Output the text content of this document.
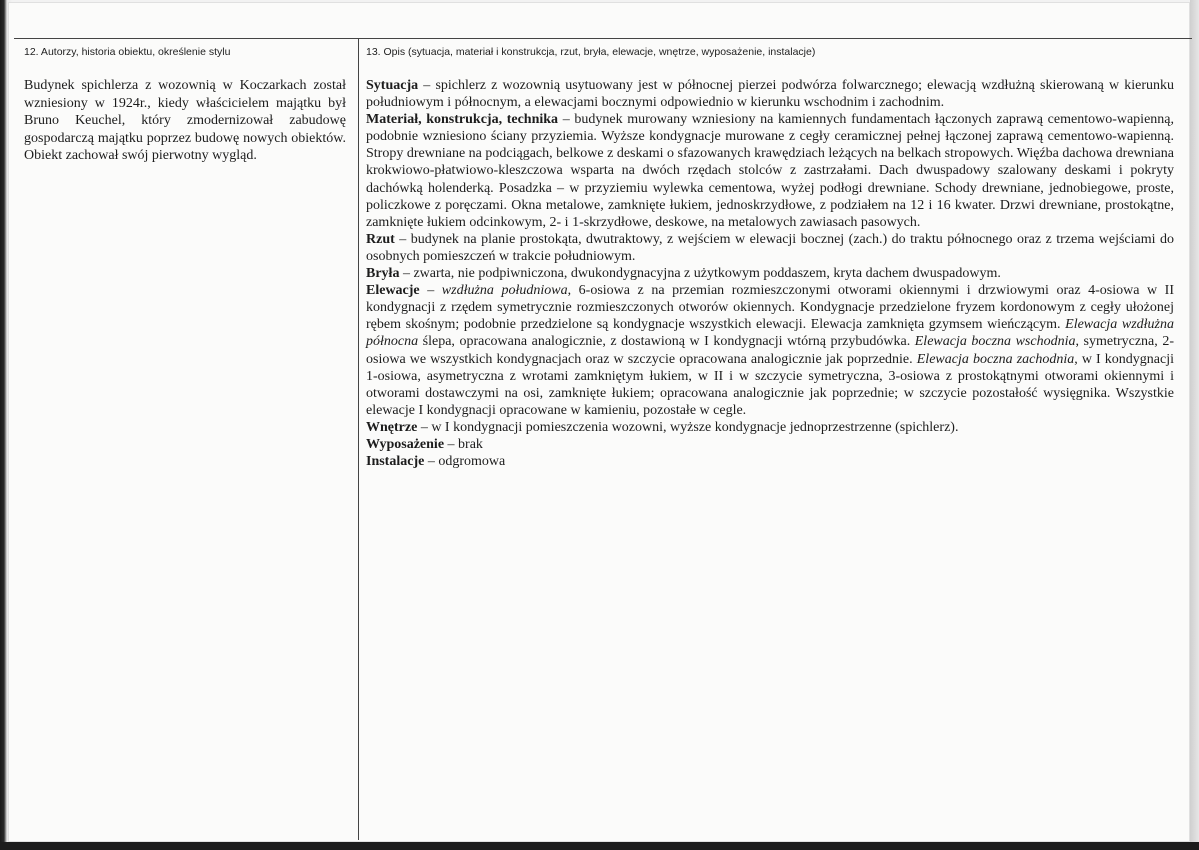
12. Autorzy, historia obiektu, określenie stylu	13. Opis (sytuacja, materiał i konstrukcja, rzut, bryła, elewacje, wnętrze, wyposażenie, instalacje)
Budynek spichlerza z wozownią w Koczarkach został wzniesiony w 1924r., kiedy właścicielem majątku był Bruno Keuchel, który zmodernizował zabudowę gospodarczą majątku poprzez budowę nowych obiektów. Obiekt zachował swój pierwotny wygląd.

Sytuacja – spichlerz z wozownią usytuowany jest w północnej pierzei podwórza folwarcznego; elewacją wzdłużną skierowaną w kierunku południowym i północnym, a elewacjami bocznymi odpowiednio w kierunku wschodnim i zachodnim.

Materiał, konstrukcja, technika – budynek murowany wzniesiony na kamiennych fundamentach łączonych zaprawą cementowo-wapienną, podobnie wzniesiono ściany przyziemia. Wyższe kondygnacje murowane z cegły ceramicznej pełnej łączonej zaprawą cementowo-wapienną. Stropy drewniane na podciągach, belkowe z deskami o sfazowanych krawędziach leżących na belkach stropowych. Więźba dachowa drewniana krokwiowo-płatwiowo-kleszczowa wsparta na dwóch rzędach stolców z zastrzałami. Dach dwuspadowy szalowany deskami i pokryty dachówką holenderką. Posadzka – w przyziemiu wylewka cementowa, wyżej podłogi drewniane. Schody drewniane, jednobiegowe, proste, policzkowe z poręczami. Okna metalowe, zamknięte łukiem, jednoskrzydłowe, z podziałem na 12 i 16 kwater. Drzwi drewniane, prostokątne, zamknięte łukiem odcinkowym, 2- i 1-skrzydłowe, deskowe, na metalowych zawiasach pasowych.

Rzut – budynek na planie prostokąta, dwutraktowy, z wejściem w elewacji bocznej (zach.) do traktu północnego oraz z trzema wejściami do osobnych pomieszczeń w trakcie południowym.

Bryła – zwarta, nie podpiwniczona, dwukondygnacyjna z użytkowym poddaszem, kryta dachem dwuspadowym.

Elewacje – wzdłużna południowa, 6-osiowa z na przemian rozmieszczonymi otworami okiennymi i drzwiowymi oraz 4-osiowa w II kondygnacji z rzędem symetrycznie rozmieszczonych otworów okiennych. Kondygnacje przedzielone fryzem kordonowym z cegły ułożonej rębem skośnym; podobnie przedzielone są kondygnacje wszystkich elewacji. Elewacja zamknięta gzymsem wieńczącym. Elewacja wzdłużna północna ślepa, opracowana analogicznie, z dostawioną w I kondygnacji wtórną przybudówka. Elewacja boczna wschodnia, symetryczna, 2-osiowa we wszystkich kondygnacjach oraz w szczycie opracowana analogicznie jak poprzednie. Elewacja boczna zachodnia, w I kondygnacji 1-osiowa, asymetryczna z wrotami zamkniętym łukiem, w II i w szczycie symetryczna, 3-osiowa z prostokątnymi otworami okiennymi i otworami dostawczymi na osi, zamknięte łukiem; opracowana analogicznie jak poprzednie; w szczycie pozostałość wysięgnika. Wszystkie elewacje I kondygnacji opracowane w kamieniu, pozostałe w cegle.

Wnętrze – w I kondygnacji pomieszczenia wozowni, wyższe kondygnacje jednoprzestrzenne (spichlerz).

Wyposażenie – brak

Instalacje – odgromowa
